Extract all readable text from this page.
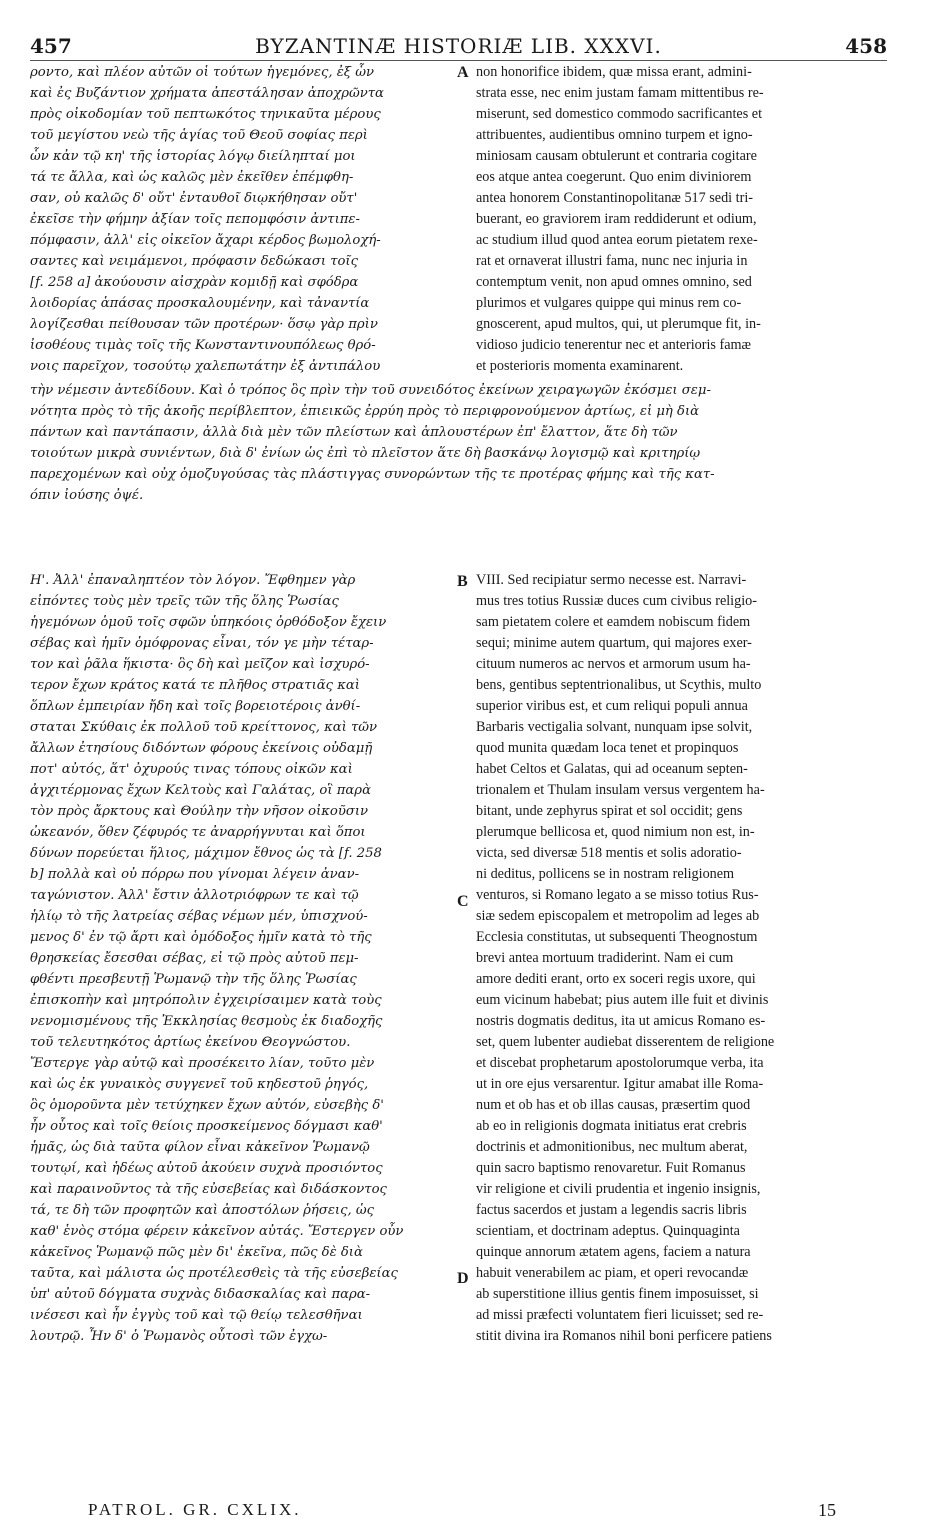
457	BYZANTINÆ HISTORIÆ LIB. XXXVI.	458
ροντο, καὶ πλέον αὐτῶν οἱ τούτων ἡγεμόνες, ἐξ ὧν
καὶ ἐς Βυζάντιον χρήματα ἀπεστάλησαν ἀποχρῶντα
πρὸς οἰκοδομίαν τοῦ πεπτωκότος τηνικαῦτα μέρους
τοῦ μεγίστου νεὼ τῆς ἁγίας τοῦ Θεοῦ σοφίας περὶ
ὧν κἀν τῷ κη' τῆς ἱστορίας λόγῳ διείληπταί μοι
τά τε ἄλλα, καὶ ὡς καλῶς μὲν ἐκεῖθεν ἐπέμφθη-
σαν, οὐ καλῶς δ' οὔτ' ἐνταυθοῖ διῳκήθησαν οὔτ'
ἐκεῖσε τὴν φήμην ἀξίαν τοῖς πεπομφόσιν ἀντιπε-
πόμφασιν, ἀλλ' εἰς οἰκεῖον ἄχαρι κέρδος βωμολοχή-
σαντες καὶ νειμάμενοι, πρόφασιν δεδώκασι τοῖς
[f. 258 a] ἀκούουσιν αἰσχρὰν κομιδῇ καὶ σφόδρα
λοιδορίας ἁπάσας προσκαλουμένην, καὶ τἀναντία
λογίζεσθαι πείθουσαν τῶν προτέρων· ὅσῳ γὰρ πρὶν
ἰσοθέους τιμὰς τοῖς τῆς Κωνσταντινουπόλεως θρό-
νοις παρεῖχον, τοσούτῳ χαλεπωτάτην ἐξ ἀντιπάλου
non honorifice ibidem, quæ missa erant, admini-
strata esse, nec enim justam famam mittentibus re-
miserunt, sed domestico commodo sacrificantes et
attribuentes, audientibus omnino turpem et igno-
miniosam causam obtulerunt et contraria cogitare
eos atque antea coegerunt. Quo enim diviniorem
antea honorem Constantinopolitanæ 517 sedi tri-
buerant, eo graviorem iram reddiderunt et odium,
ac studium illud quod antea eorum pietatem rexe-
rat et ornaverat illustri fama, nunc nec injuria in
contemptum venit, non apud omnes omnino, sed
plurimos et vulgares quippe qui minus rem co-
gnoscerent, apud multos, qui, ut plerumque fit, in-
vidioso judicio tenerentur nec et anterioris famæ
et posterioris momenta examinarent.
τὴν νέμεσιν ἀντεδίδουν. Καὶ ὁ τρόπος ὃς πρὶν τὴν τοῦ συνειδότος ἐκείνων χειραγωγῶν ἐκόσμει σεμ-
νότητα πρὸς τὸ τῆς ἀκοῆς περίβλεπτον, ἐπιεικῶς ἐρρύη πρὸς τὸ περιφρονούμενον ἀρτίως, εἰ μὴ διὰ
πάντων καὶ παντάπασιν, ἀλλὰ διὰ μὲν τῶν πλείστων καὶ ἁπλουστέρων ἐπ' ἔλαττον, ἅτε δὴ τῶν
τοιούτων μικρὰ συνιέντων, διὰ δ' ἐνίων ὡς ἐπὶ τὸ πλεῖστον ἅτε δὴ βασκάνῳ λογισμῷ καὶ κριτηρίῳ
παρεχομένων καὶ οὐχ ὁμοζυγούσας τὰς πλάστιγγας συνορώντων τῆς τε προτέρας φήμης καὶ τῆς κατ-
όπιν ἰούσης ὀψέ.
Η'. Ἀλλ' ἐπαναληπτέον τὸν λόγον. Ἔφθημεν γὰρ
εἰπόντες τοὺς μὲν τρεῖς τῶν τῆς ὅλης Ῥωσίας
ἡγεμόνων ὁμοῦ τοῖς σφῶν ὑπηκόοις ὀρθόδοξον ἔχειν
σέβας καὶ ἡμῖν ὁμόφρονας εἶναι, τόν γε μὴν τέταρ-
τον καὶ ῥᾶλα ἥκιστα· ὃς δὴ καὶ μεῖζον καὶ ἰσχυρό-
τερον ἔχων κράτος κατά τε πλῆθος στρατιᾶς καὶ
ὅπλων ἐμπειρίαν ἤδη καὶ τοῖς βορειοτέροις ἀνθί-
σταται Σκύθαις ἐκ πολλοῦ τοῦ κρείττονος, καὶ τῶν
ἄλλων ἐτησίους διδόντων φόρους ἐκείνοις οὐδαμῇ
ποτ' αὐτός, ἅτ' ὀχυρούς τινας τόπους οἰκῶν καὶ
ἀγχιτέρμονας ἔχων Κελτοὺς καὶ Γαλάτας, οἳ παρὰ
τὸν πρὸς ἄρκτους καὶ Θούλην τὴν νῆσον οἰκοῦσιν
ὠκεανόν, ὅθεν ζέφυρός τε ἀναρρήγνυται καὶ ὅποι
δύνων πορεύεται ἥλιος, μάχιμον ἔθνος ὡς τὰ [f. 258
b] πολλὰ καὶ οὐ πόρρω που γίνομαι λέγειν ἀναν-
ταγώνιστον. Ἀλλ' ἔστιν ἀλλοτριόφρων τε καὶ τῷ
ἡλίῳ τὸ τῆς λατρείας σέβας νέμων μέν, ὑπισχνού-
μενος δ' ἐν τῷ ἄρτι καὶ ὁμόδοξος ἡμῖν κατὰ τὸ τῆς
θρησκείας ἔσεσθαι σέβας, εἰ τῷ πρὸς αὐτοῦ πεμ-
φθέντι πρεσβευτῇ Ῥωμανῷ τὴν τῆς ὅλης Ῥωσίας
ἐπισκοπὴν καὶ μητρόπολιν ἐγχειρίσαιμεν κατὰ τοὺς
νενομισμένους τῆς Ἐκκλησίας θεσμοὺς ἐκ διαδοχῆς
τοῦ τελευτηκότος ἀρτίως ἐκείνου Θεογνώστου.
Ἔστεργε γὰρ αὐτῷ καὶ προσέκειτο λίαν, τοῦτο μὲν
καὶ ὡς ἐκ γυναικὸς συγγενεῖ τοῦ κηδεστοῦ ῥηγός,
ὃς ὁμοροῦντα μὲν τετύχηκεν ἔχων αὐτόν, εὐσεβὴς δ'
ἦν οὗτος καὶ τοῖς θείοις προσκείμενος δόγμασι καθ'
ἡμᾶς, ὡς διὰ ταῦτα φίλον εἶναι κἀκεῖνον Ῥωμανῷ
τουτῳί, καὶ ἡδέως αὐτοῦ ἀκούειν συχνὰ προσιόντος
καὶ παραινοῦντος τὰ τῆς εὐσεβείας καὶ διδάσκοντος
τά, τε δὴ τῶν προφητῶν καὶ ἀποστόλων ῥήσεις, ὡς
καθ' ἑνὸς στόμα φέρειν κἀκεῖνον αὐτάς. Ἔστεργεν οὖν
κἀκεῖνος Ῥωμανῷ πῶς μὲν δι' ἐκεῖνα, πῶς δὲ διὰ
ταῦτα, καὶ μάλιστα ὡς προτέλεσθεὶς τὰ τῆς εὐσεβείας
ὑπ' αὐτοῦ δόγματα συχνὰς διδασκαλίας καὶ παρα-
ινέσεσι καὶ ἦν ἐγγὺς τοῦ καὶ τῷ θείῳ τελεσθῆναι
λουτρῷ. Ἦν δ' ὁ Ῥωμανὸς οὗτοσὶ τῶν ἐγχω-
VIII. Sed recipiatur sermo necesse est. Narravi-
mus tres totius Russiæ duces cum civibus religio-
sam pietatem colere et eamdem nobiscum fidem
sequi; minime autem quartum, qui majores exer-
cituum numeros ac nervos et armorum usum ha-
bens, gentibus septentrionalibus, ut Scythis, multo
superior viribus est, et cum reliqui populi annua
Barbaris vectigalia solvant, nunquam ipse solvit,
quod munita quædam loca tenet et propinquos
habet Celtos et Galatas, qui ad oceanum septen-
trionalem et Thulam insulam versus vergentem ha-
bitant, unde zephyrus spirat et sol occidit; gens
plerumque bellicosa et, quod nimium non est, in-
victa, sed diversæ 518 mentis et solis adoratio-
ni deditus, pollicens se in nostram religionem
venturos, si Romano legato a se misso totius Rus-
siæ sedem episcopalem et metropolim ad leges ab
Ecclesia constitutas, ut subsequenti Theognostum
brevi antea mortuum tradiderint. Nam ei cum
amore dediti erant, orto ex soceri regis uxore, qui
eum vicinum habebat; pius autem ille fuit et divinis
nostris dogmatis deditus, ita ut amicus Romano es-
set, quem lubenter audiebat disserentem de religione
et discebat prophetarum apostolorumque verba, ita
ut in ore ejus versarentur. Igitur amabat ille Roma-
num et ob has et ob illas causas, præsertim quod
ab eo in religionis dogmata initiatus erat crebris
doctrinis et admonitionibus, nec multum aberat,
quin sacro baptismo renovaretur. Fuit Romanus
vir religione et civili prudentia et ingenio insignis,
factus sacerdos et justam a legendis sacris libris
scientiam, et doctrinam adeptus. Quinquaginta
quinque annorum ætatem agens, faciem a natura
habuit venerabilem ac piam, et operi revocandæ
ab superstitione illius gentis finem imposuisset, si
ad missi præfecti voluntatem fieri licuisset; sed re-
stitit divina ira Romanos nihil boni perficere patiens
A
B
C
D
PATROL. GR. CXLIX.	15
